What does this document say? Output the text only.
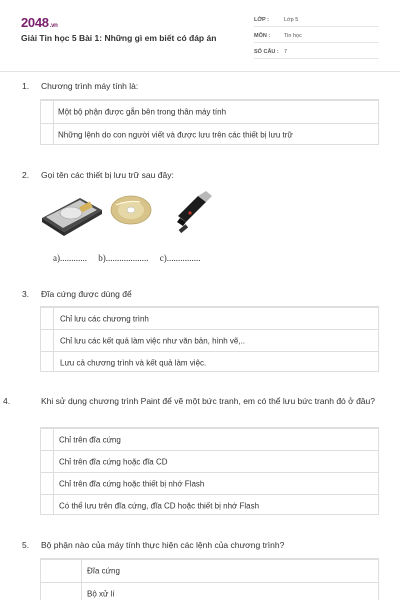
2048.vn
Giải Tin học 5 Bài 1: Những gì em biết có đáp án
LỚP :	Lớp 5
MÔN :	Tin học
SỐ CÂU : 7
1. Chương trình máy tính là:
Một bộ phận được gắn bên trong thân máy tính
Những lệnh do con người viết và được lưu trên các thiết bị lưu trữ
2. Gọi tên các thiết bị lưu trữ sau đây:
a)............ b)................... c)...............
3. Đĩa cứng được dùng để
Chỉ lưu các chương trình
Chỉ lưu các kết quả làm việc như văn bản, hình vẽ,..
Lưu cả chương trình và kết quả làm việc.
4.	Khi sử dụng chương trình Paint để vẽ một bức tranh, em có thể lưu bức tranh đó ở đâu?
Chỉ trên đĩa cứng
Chỉ trên đĩa cứng hoặc đĩa CD
Chỉ trên đĩa cứng hoặc thiết bị nhớ Flash
Có thể lưu trên đĩa cứng, đĩa CD hoặc thiết bị nhớ Flash
5. Bộ phận nào của máy tính thực hiện các lệnh của chương trình?
Đĩa cứng
Bộ xử lí
